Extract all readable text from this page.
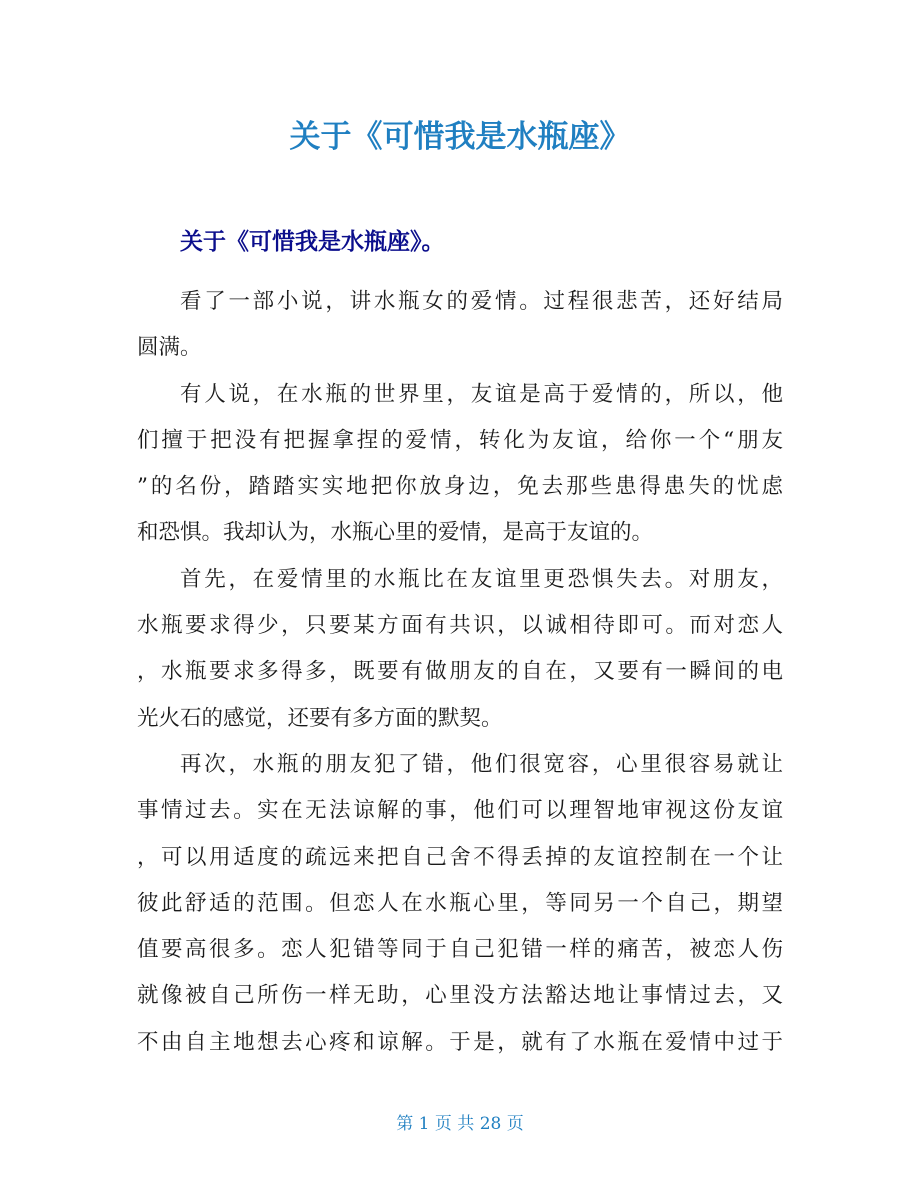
关于《可惜我是水瓶座》
关于《可惜我是水瓶座》。
看了一部小说，讲水瓶女的爱情。过程很悲苦，还好结局
圆满。
有人说，在水瓶的世界里，友谊是高于爱情的，所以，他
们擅于把没有把握拿捏的爱情，转化为友谊，给你一个“朋友
”的名份，踏踏实实地把你放身边，免去那些患得患失的忧虑
和恐惧。我却认为，水瓶心里的爱情，是高于友谊的。
首先，在爱情里的水瓶比在友谊里更恐惧失去。对朋友，
水瓶要求得少，只要某方面有共识，以诚相待即可。而对恋人
，水瓶要求多得多，既要有做朋友的自在，又要有一瞬间的电
光火石的感觉，还要有多方面的默契。
再次，水瓶的朋友犯了错，他们很宽容，心里很容易就让
事情过去。实在无法谅解的事，他们可以理智地审视这份友谊
，可以用适度的疏远来把自己舍不得丢掉的友谊控制在一个让
彼此舒适的范围。但恋人在水瓶心里，等同另一个自己，期望
值要高很多。恋人犯错等同于自己犯错一样的痛苦，被恋人伤
就像被自己所伤一样无助，心里没方法豁达地让事情过去，又
不由自主地想去心疼和谅解。于是，就有了水瓶在爱情中过于
第 1 页 共 28 页
